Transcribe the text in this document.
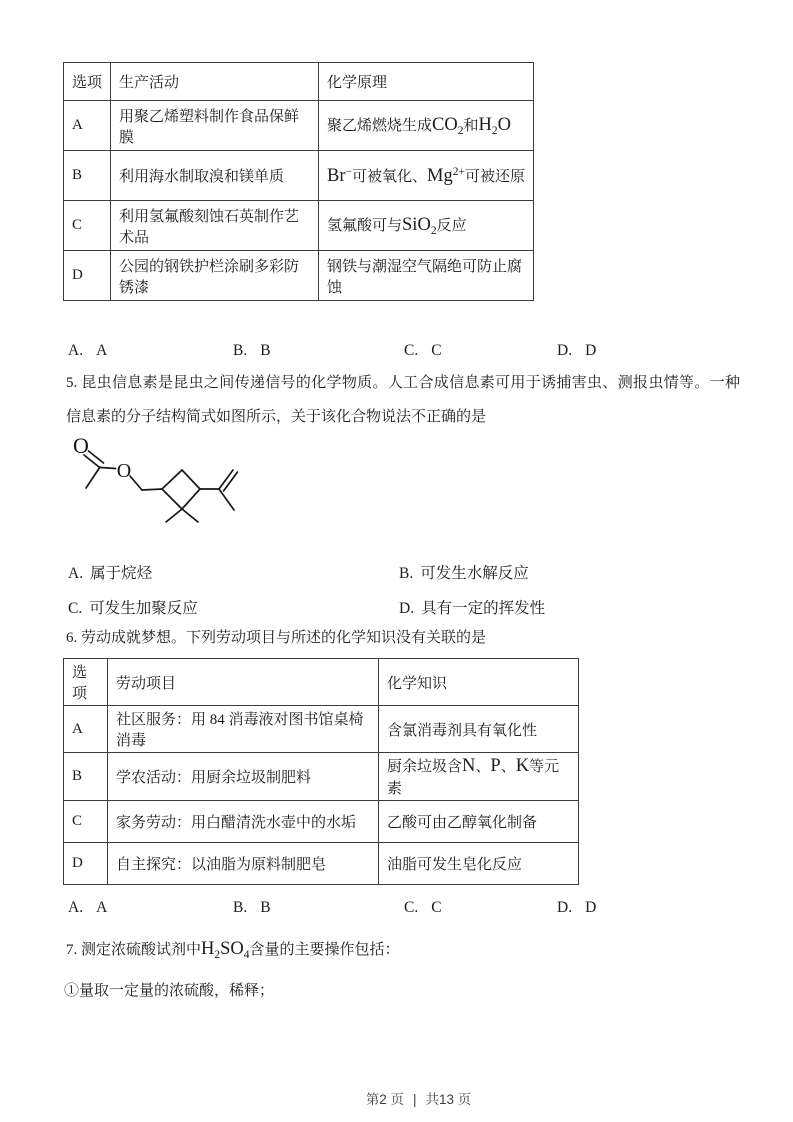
选项	生产活动	化学原理
A	用聚乙烯塑料制作食品保鲜膜	聚乙烯燃烧生成$CO_2$和$H_2O$
B	利用海水制取溴和镁单质	Br−可被氧化、$Mg^{2+}$可被还原
C	利用氢氟酸刻蚀石英制作艺术品	氢氟酸可与SiO$_2$反应
D	公园的钢铁护栏涂刷多彩防锈漆	钢铁与潮湿空气隔绝可防止腐蚀
A. A	B. B	C. C	D. D
5. 昆虫信息素是昆虫之间传递信号的化学物质。人工合成信息素可用于诱捕害虫、测报虫情等。一种信息素的分子结构简式如图所示，关于该化合物说法不正确的是
O
O
A. 属于烷烃	B. 可发生水解反应
C. 可发生加聚反应	D. 具有一定的挥发性
6. 劳动成就梦想。下列劳动项目与所述的化学知识没有关联的是
选项	劳动项目	化学知识
A	社区服务：用 84 消毒液对图书馆桌椅消毒	含氯消毒剂具有氧化性
B	学农活动：用厨余垃圾制肥料	厨余垃圾含N、P、K等元素
C	家务劳动：用白醋清洗水壶中的水垢	乙酸可由乙醇氧化制备
D	自主探究：以油脂为原料制肥皂	油脂可发生皂化反应
A. A	B. B	C. C	D. D
7. 测定浓硫酸试剂中$H_2SO_4$含量的主要操作包括：
①量取一定量的浓硫酸，稀释；
第2 页 | 共13 页
